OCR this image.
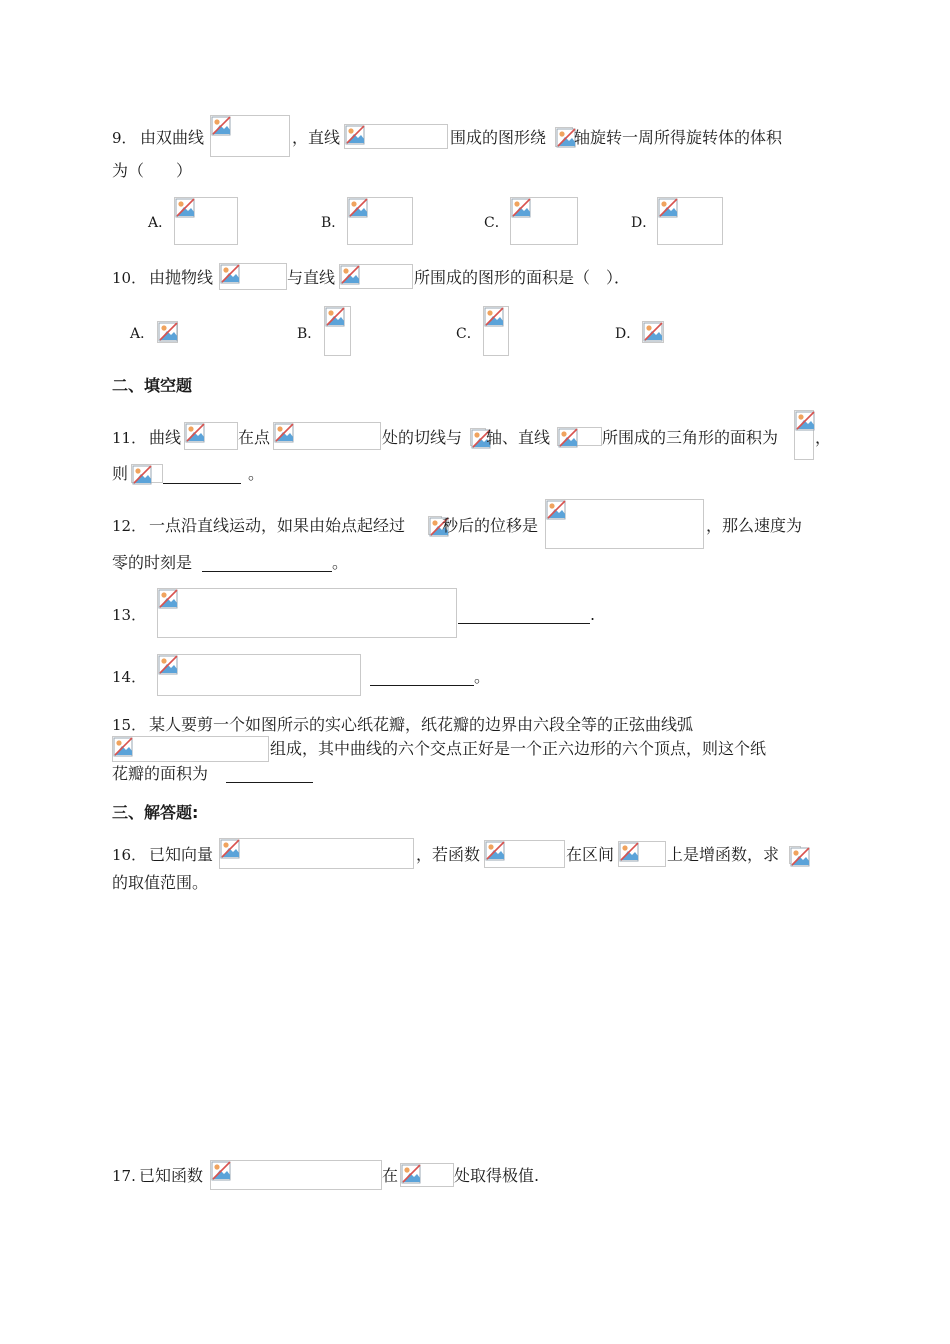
9． 由双曲线	，直线	围成的图形绕 轴旋转一周所得旋转体的体积
为（　　）
A．	B．	C．	D．
10． 由抛物线	与直线	所围成的图形的面积是（　）．
A．	B．	C．	D．
二、填空题
11． 曲线	在点	处的切线与 轴、直线	所围成的三角形的面积为 ，
则	。
12． 一点沿直线运动，如果由始点起经过 秒后的位移是	，那么速度为
零的时刻是	。
13．	.
14．	。
15． 某人要剪一个如图所示的实心纸花瓣，纸花瓣的边界由六段全等的正弦曲线弧
组成，其中曲线的六个交点正好是一个正六边形的六个顶点，则这个纸
花瓣的面积为
三、解答题:
16． 已知向量	，若函数	在区间	上是增函数，求
的取值范围。
17. 已知函数	在	处取得极值.
